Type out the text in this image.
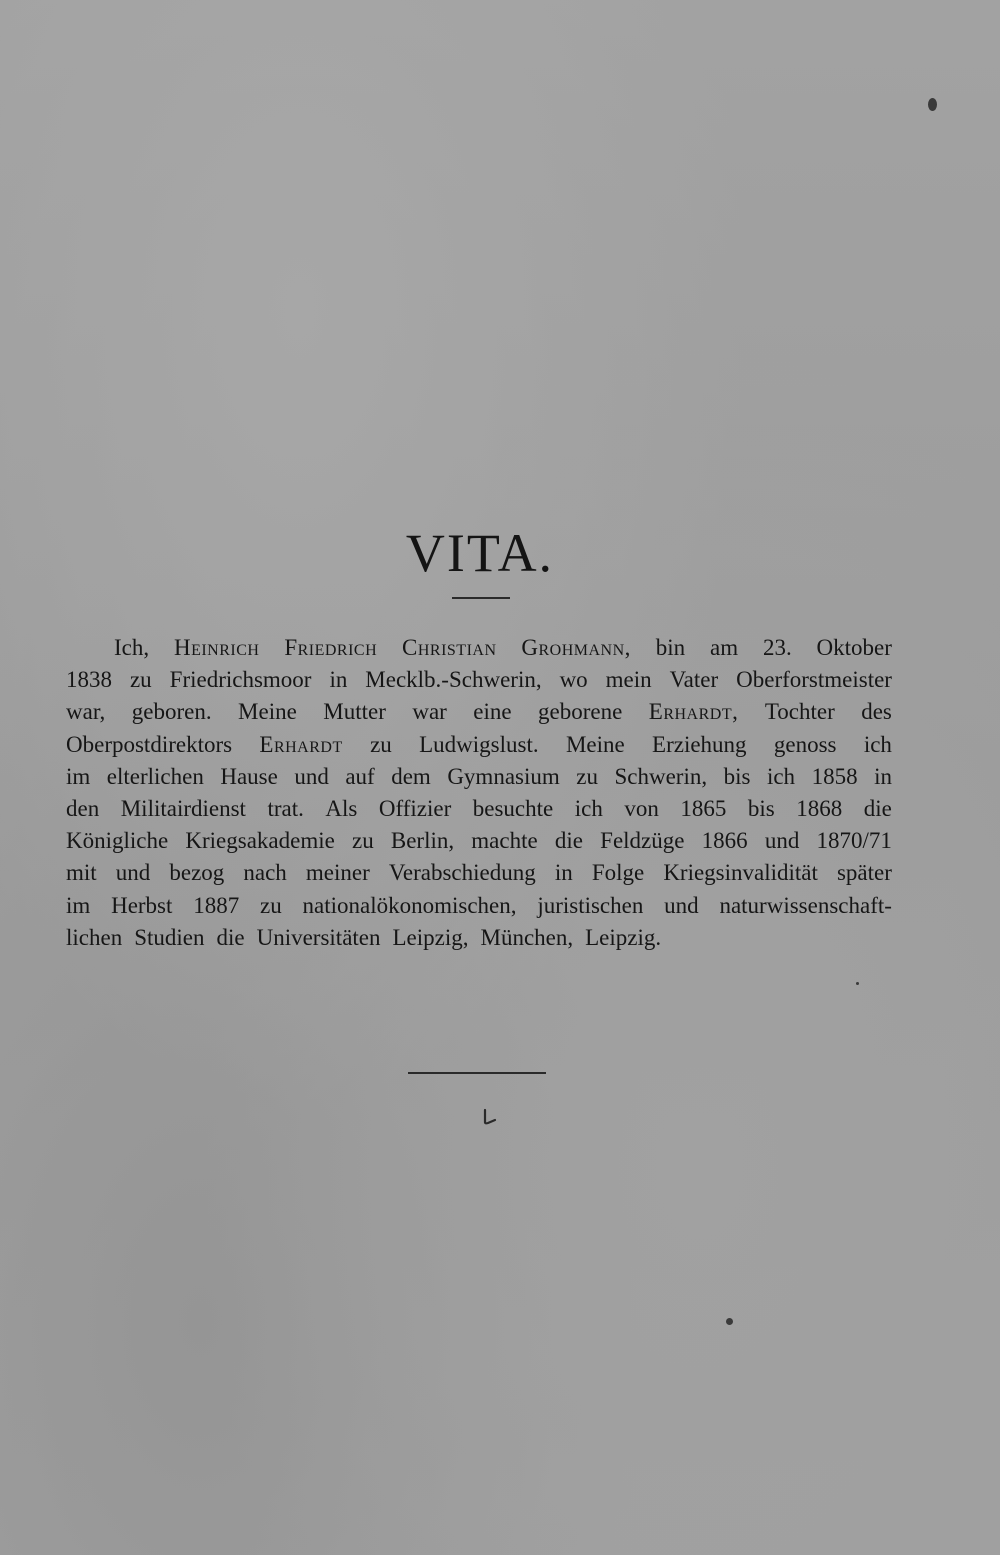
VITA.
Ich, Heinrich Friedrich Christian Grohmann, bin am 23. Oktober
1838 zu Friedrichsmoor in Mecklb.-Schwerin, wo mein Vater Oberforstmeister
war, geboren. Meine Mutter war eine geborene Erhardt, Tochter des
Oberpostdirektors Erhardt zu Ludwigslust. Meine Erziehung genoss ich
im elterlichen Hause und auf dem Gymnasium zu Schwerin, bis ich 1858 in
den Militairdienst trat. Als Offizier besuchte ich von 1865 bis 1868 die
Königliche Kriegsakademie zu Berlin, machte die Feldzüge 1866 und 1870/71
mit und bezog nach meiner Verabschiedung in Folge Kriegsinvalidität später
im Herbst 1887 zu nationalökonomischen, juristischen und naturwissenschaft-
lichen Studien die Universitäten Leipzig, München, Leipzig.
